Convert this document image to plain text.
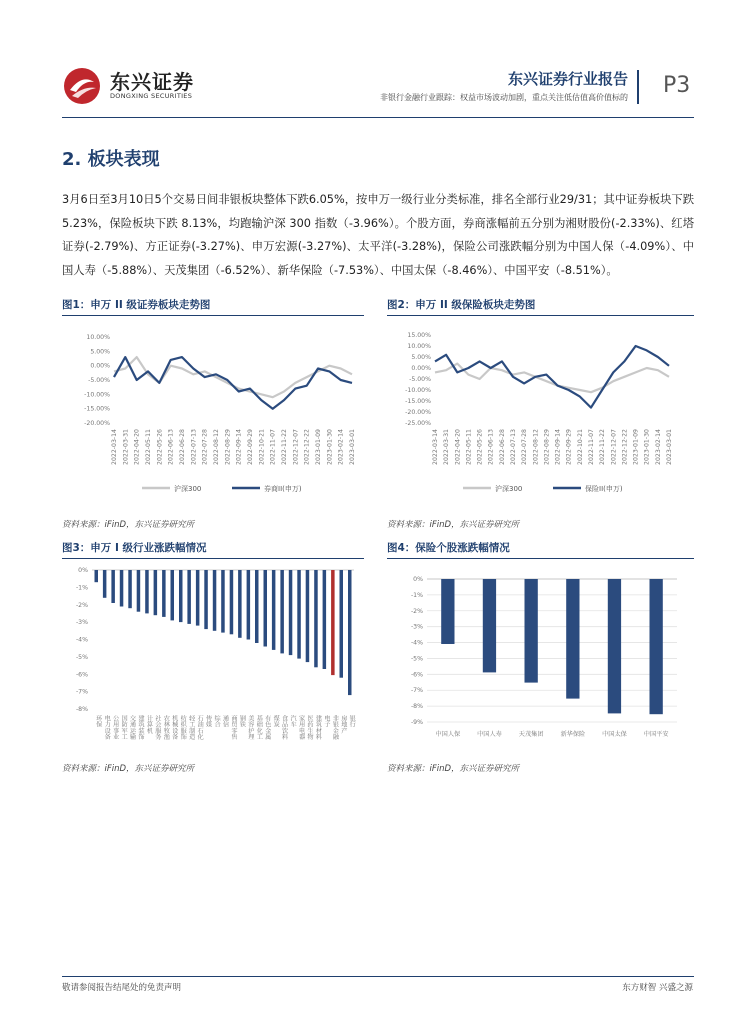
东兴证券
DONGXING SECURITIES
东兴证券行业报告
非银行金融行业跟踪：权益市场波动加剧，重点关注低估值高价值标的 P3
2. 板块表现
3月6日至3月10日5个交易日间非银板块整体下跌6.05%，按申万一级行业分类标准，排名全部行业29/31；其中证券板块下跌 5.23%，保险板块下跌 8.13%，均跑输沪深 300 指数（-3.96%）。个股方面，券商涨幅前五分别为湘财股份(-2.33%)、红塔证券(-2.79%)、方正证券(-3.27%)、申万宏源(-3.27%)、太平洋(-3.28%)，保险公司涨跌幅分别为中国人保（-4.09%）、中国人寿（-5.88%）、天茂集团（-6.52%）、新华保险（-7.53%）、中国太保（-8.46%）、中国平安（-8.51%）。
图1：申万 II 级证券板块走势图
10.00%
5.00%
0.00%
-5.00%
-10.00%
-15.00%
-20.00%
2022-03-14 2022-03-31 2022-04-20 2022-05-11 2022-05-26 2022-06-13 2022-06-28 2022-07-13 2022-07-28 2022-08-12 2022-08-29 2022-09-14 2022-09-29 2022-10-21 2022-11-07 2022-11-22 2022-12-07 2022-12-22 2023-01-09 2023-01-30 2023-02-14 2023-03-01
沪深300	券商II(申万)
资料来源：iFinD，东兴证券研究所
图2：申万 II 级保险板块走势图
15.00%
10.00%
5.00%
0.00%
-5.00%
-10.00%
-15.00%
-20.00%
-25.00%
2022-03-14 2022-03-31 2022-04-20 2022-05-11 2022-05-26 2022-06-13 2022-06-28 2022-07-13 2022-07-28 2022-08-12 2022-08-29 2022-09-14 2022-09-29 2022-10-21 2022-11-07 2022-11-22 2022-12-07 2022-12-22 2023-01-09 2023-01-30 2023-02-14 2023-03-01
沪深300	保险II(申万)
资料来源：iFinD，东兴证券研究所
图3：申万 I 级行业涨跌幅情况
0%
-1%
-2%
-3%
-4%
-5%
-6%
-7%
-8%
环保 电力设备 公用事业 国防军工 交通运输 建筑装饰 计算机 社会服务 农林牧渔 机械设备 纺织服饰 轻工制造 石油石化 传媒 综合 通信 商贸零售 钢铁 美容护理 基础化工 有色金属 煤炭 食品饮料 汽车 家用电器 医药生物 建筑材料 电子 非银金融 房地产 银行
资料来源：iFinD，东兴证券研究所
图4：保险个股涨跌幅情况
0%
-1%
-2%
-3%
-4%
-5%
-6%
-7%
-8%
-9%
中国人保	中国人寿	天茂集团	新华保险	中国太保	中国平安
资料来源：iFinD，东兴证券研究所
敬请参阅报告结尾处的免责声明	东方财智 兴盛之源
